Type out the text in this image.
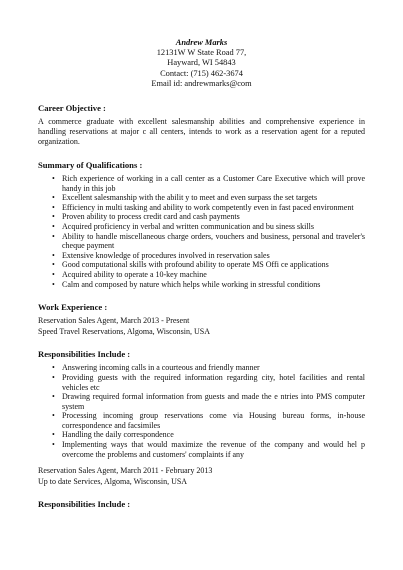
Andrew Marks
12131W W State Road 77,
Hayward, WI 54843
Contact: (715) 462-3674
Email id: andrewmarks@com
Career Objective :
A commerce graduate with excellent salesmanship abilities and comprehensive experience in handling reservations at major c all centers, intends to work as a reservation agent for a reputed organization.
Summary of Qualifications :
• Rich experience of working in a call center as a Customer Care Executive which will prove handy in this job
• Excellent salesmanship with the abilit y to meet and even surpass the set targets
• Efficiency in multi tasking and ability to work competently even in fast paced environment
• Proven ability to process credit card and cash payments
• Acquired proficiency in verbal and written communication and bu siness skills
• Ability to handle miscellaneous charge orders, vouchers and business, personal and traveler's cheque payment
• Extensive knowledge of procedures involved in reservation sales
• Good computational skills with profound ability to operate MS Offi ce applications
• Acquired ability to operate a 10-key machine
• Calm and composed by nature which helps while working in stressful conditions
Work Experience :
Reservation Sales Agent, March 2013 - Present
Speed Travel Reservations, Algoma, Wisconsin, USA
Responsibilities Include :
• Answering incoming calls in a courteous and friendly manner
• Providing guests with the required information regarding city, hotel facilities and rental vehicles etc
• Drawing required formal information from guests and made the e ntries into PMS computer system
• Processing incoming group reservations come via Housing bureau forms, in-house correspondence and facsimiles
• Handling the daily correspondence
• Implementing ways that would maximize the revenue of the company and would hel p overcome the problems and customers' complaints if any
Reservation Sales Agent, March 2011 - February 2013
Up to date Services, Algoma, Wisconsin, USA
Responsibilities Include :
